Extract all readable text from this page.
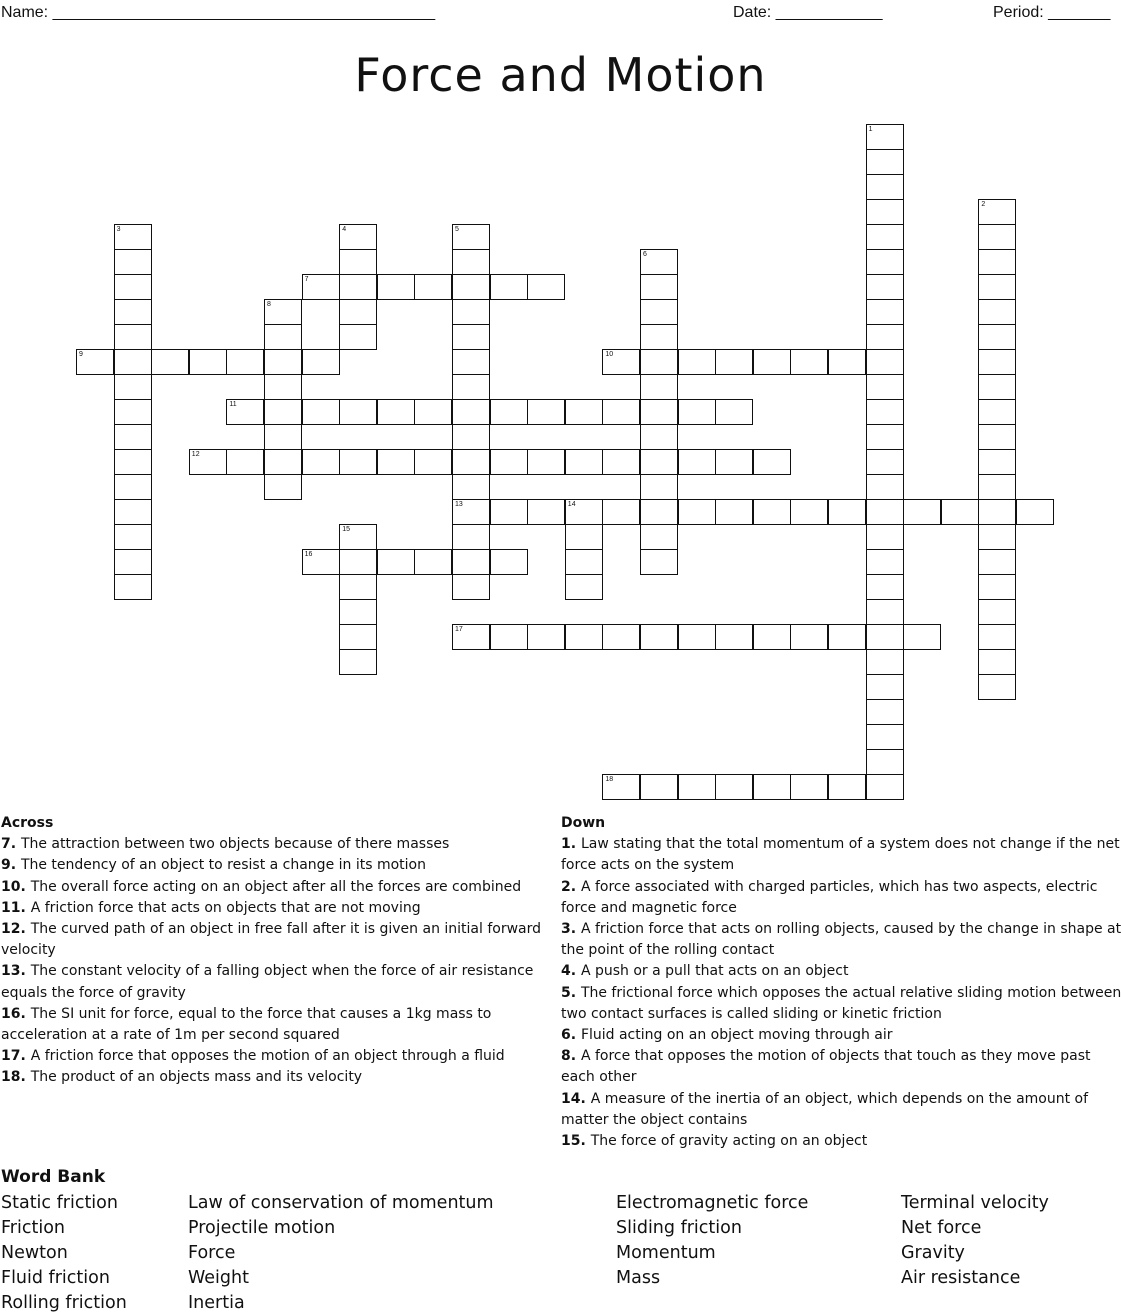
Name: ___________________________________________	Date: ____________	Period: _______
Force and Motion
1
2
3	4	5
13
6
7
8
9	10
11
12
14
15
16
17
18
Across
7. The attraction between two objects because of there masses
9. The tendency of an object to resist a change in its motion
10. The overall force acting on an object after all the forces are combined
11. A friction force that acts on objects that are not moving
12. The curved path of an object in free fall after it is given an initial forward velocity
13. The constant velocity of a falling object when the force of air resistance equals the force of gravity
16. The SI unit for force, equal to the force that causes a 1kg mass to acceleration at a rate of 1m per second squared
17. A friction force that opposes the motion of an object through a fluid
18. The product of an objects mass and its velocity
Down
1. Law stating that the total momentum of a system does not change if the net force acts on the system
2. A force associated with charged particles, which has two aspects, electric force and magnetic force
3. A friction force that acts on rolling objects, caused by the change in shape at the point of the rolling contact
4. A push or a pull that acts on an object
5. The frictional force which opposes the actual relative sliding motion between two contact surfaces is called sliding or kinetic friction
6. Fluid acting on an object moving through air
8. A force that opposes the motion of objects that touch as they move past each other
14. A measure of the inertia of an object, which depends on the amount of matter the object contains
15. The force of gravity acting on an object
Word Bank
Static friction
Friction
Newton
Fluid friction
Rolling friction
Law of conservation of momentum
Projectile motion
Force
Weight
Inertia
Electromagnetic force
Sliding friction
Momentum
Mass
Terminal velocity
Net force
Gravity
Air resistance
